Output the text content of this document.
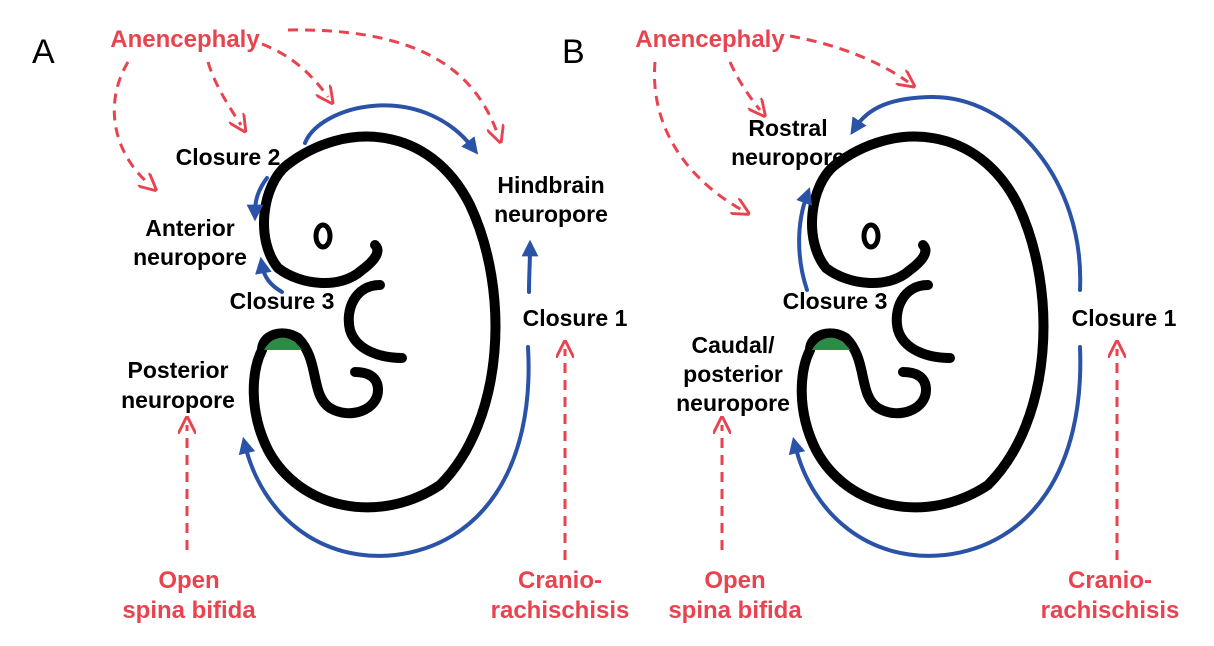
A Anencephaly
Closure 2
Anterior
neuropore
Closure 3
Hindbrain
neuropore
Closure 1
Posterior
neuropore
Open
spina bifida
Cranio-
rachischisis
B Anencephaly
Rostral
neuropore
Closure 3
Closure 1
Caudal/
posterior
neuropore
Open
spina bifida
Cranio-
rachischisis
